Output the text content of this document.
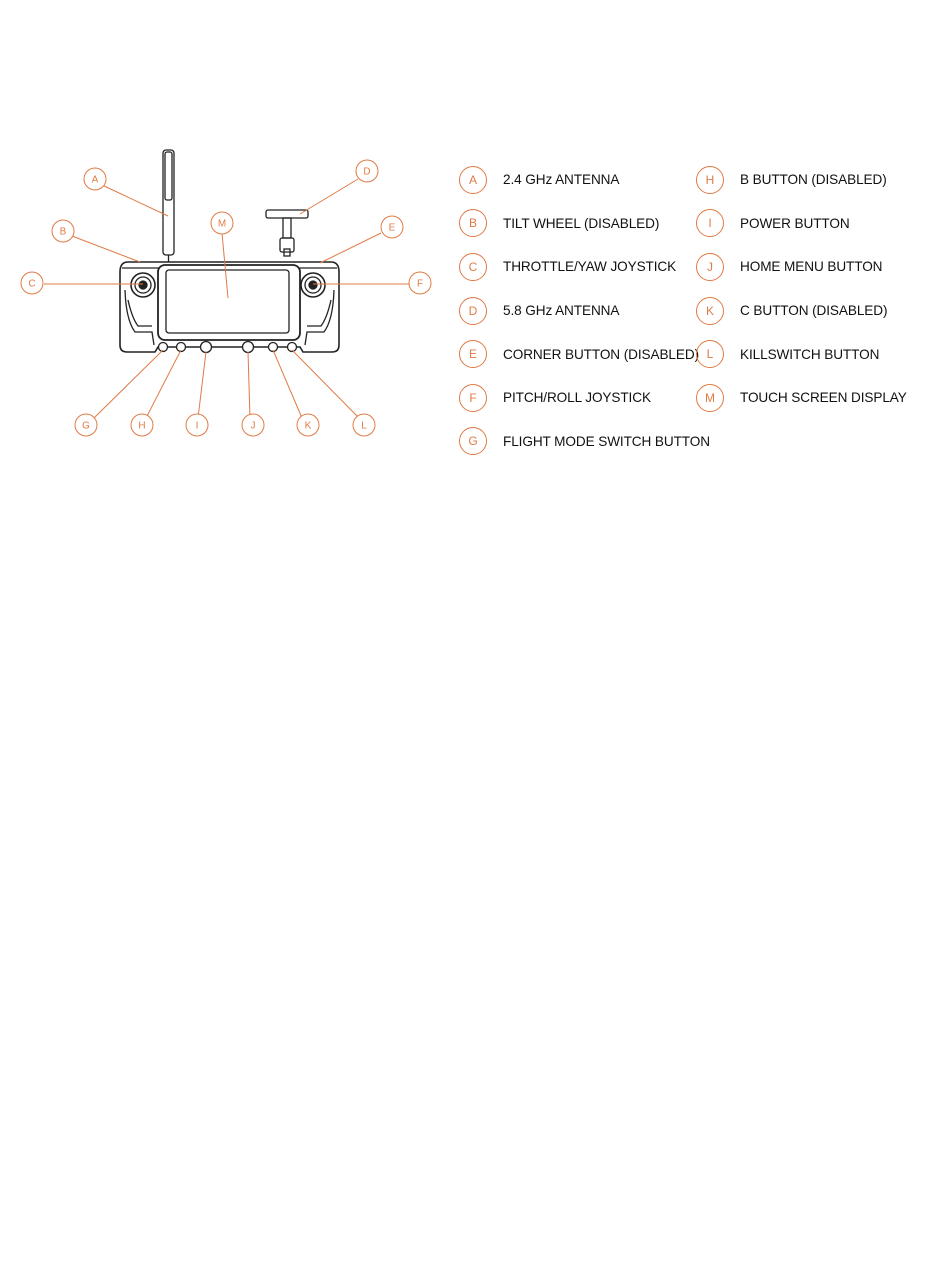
A
B
C
D
E
F
M
G	H	I	J	K	L
A	2.4 GHz ANTENNA
B	TILT WHEEL (DISABLED)
C	THROTTLE/YAW JOYSTICK
D	5.8 GHz ANTENNA
E	CORNER BUTTON (DISABLED)
F	PITCH/ROLL JOYSTICK
G	FLIGHT MODE SWITCH BUTTON
H	B BUTTON (DISABLED)
I	POWER BUTTON
J	HOME MENU BUTTON
K	C BUTTON (DISABLED)
L	KILLSWITCH BUTTON
M	TOUCH SCREEN DISPLAY
